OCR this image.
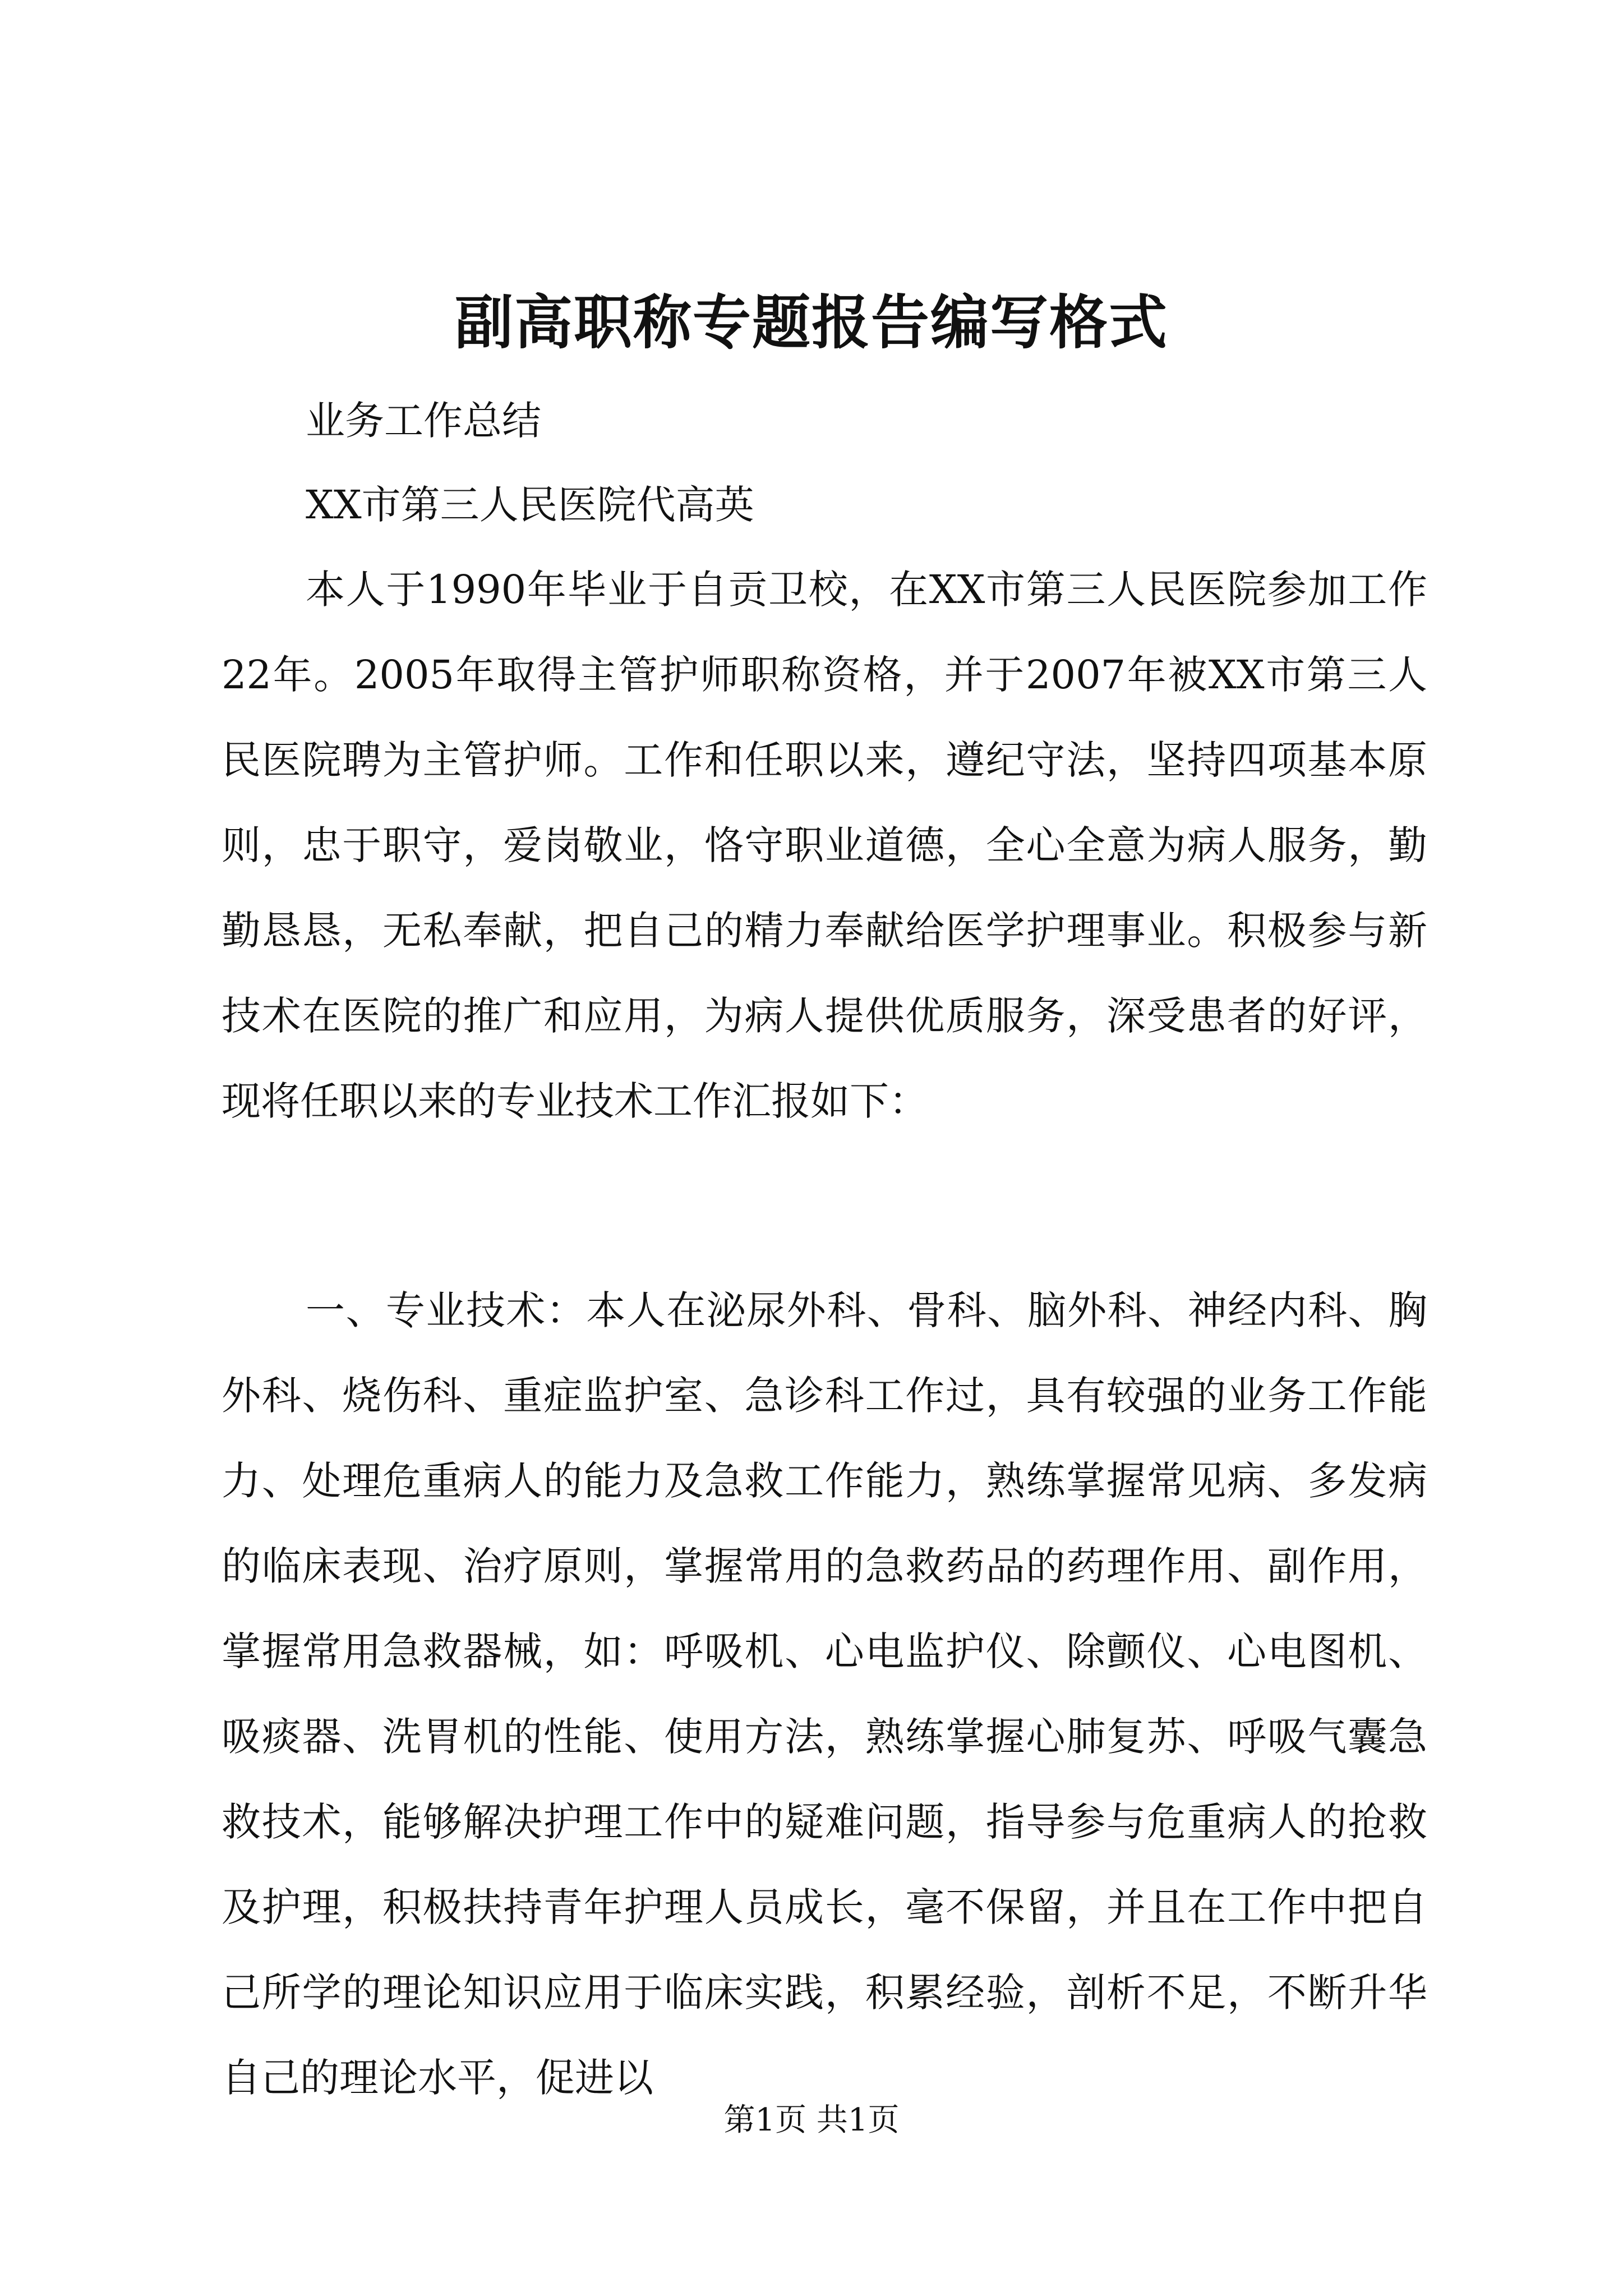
副高职称专题报告编写格式

业务工作总结

XX市第三人民医院代高英

本人于1990年毕业于自贡卫校，在XX市第三人民医院参加工作22年。2005年取得主管护师职称资格，并于2007年被XX市第三人民医院聘为主管护师。工作和任职以来，遵纪守法，坚持四项基本原则，忠于职守，爱岗敬业，恪守职业道德，全心全意为病人服务，勤勤恳恳，无私奉献，把自己的精力奉献给医学护理事业。积极参与新技术在医院的推广和应用，为病人提供优质服务，深受患者的好评，现将任职以来的专业技术工作汇报如下：

一、专业技术：本人在泌尿外科、骨科、脑外科、神经内科、胸外科、烧伤科、重症监护室、急诊科工作过，具有较强的业务工作能力、处理危重病人的能力及急救工作能力，熟练掌握常见病、多发病的临床表现、治疗原则，掌握常用的急救药品的药理作用、副作用，掌握常用急救器械，如：呼吸机、心电监护仪、除颤仪、心电图机、吸痰器、洗胃机的性能、使用方法，熟练掌握心肺复苏、呼吸气囊急救技术，能够解决护理工作中的疑难问题，指导参与危重病人的抢救及护理，积极扶持青年护理人员成长，毫不保留，并且在工作中把自己所学的理论知识应用于临床实践，积累经验，剖析不足，不断升华自己的理论水平，促进以

第1页 共1页
